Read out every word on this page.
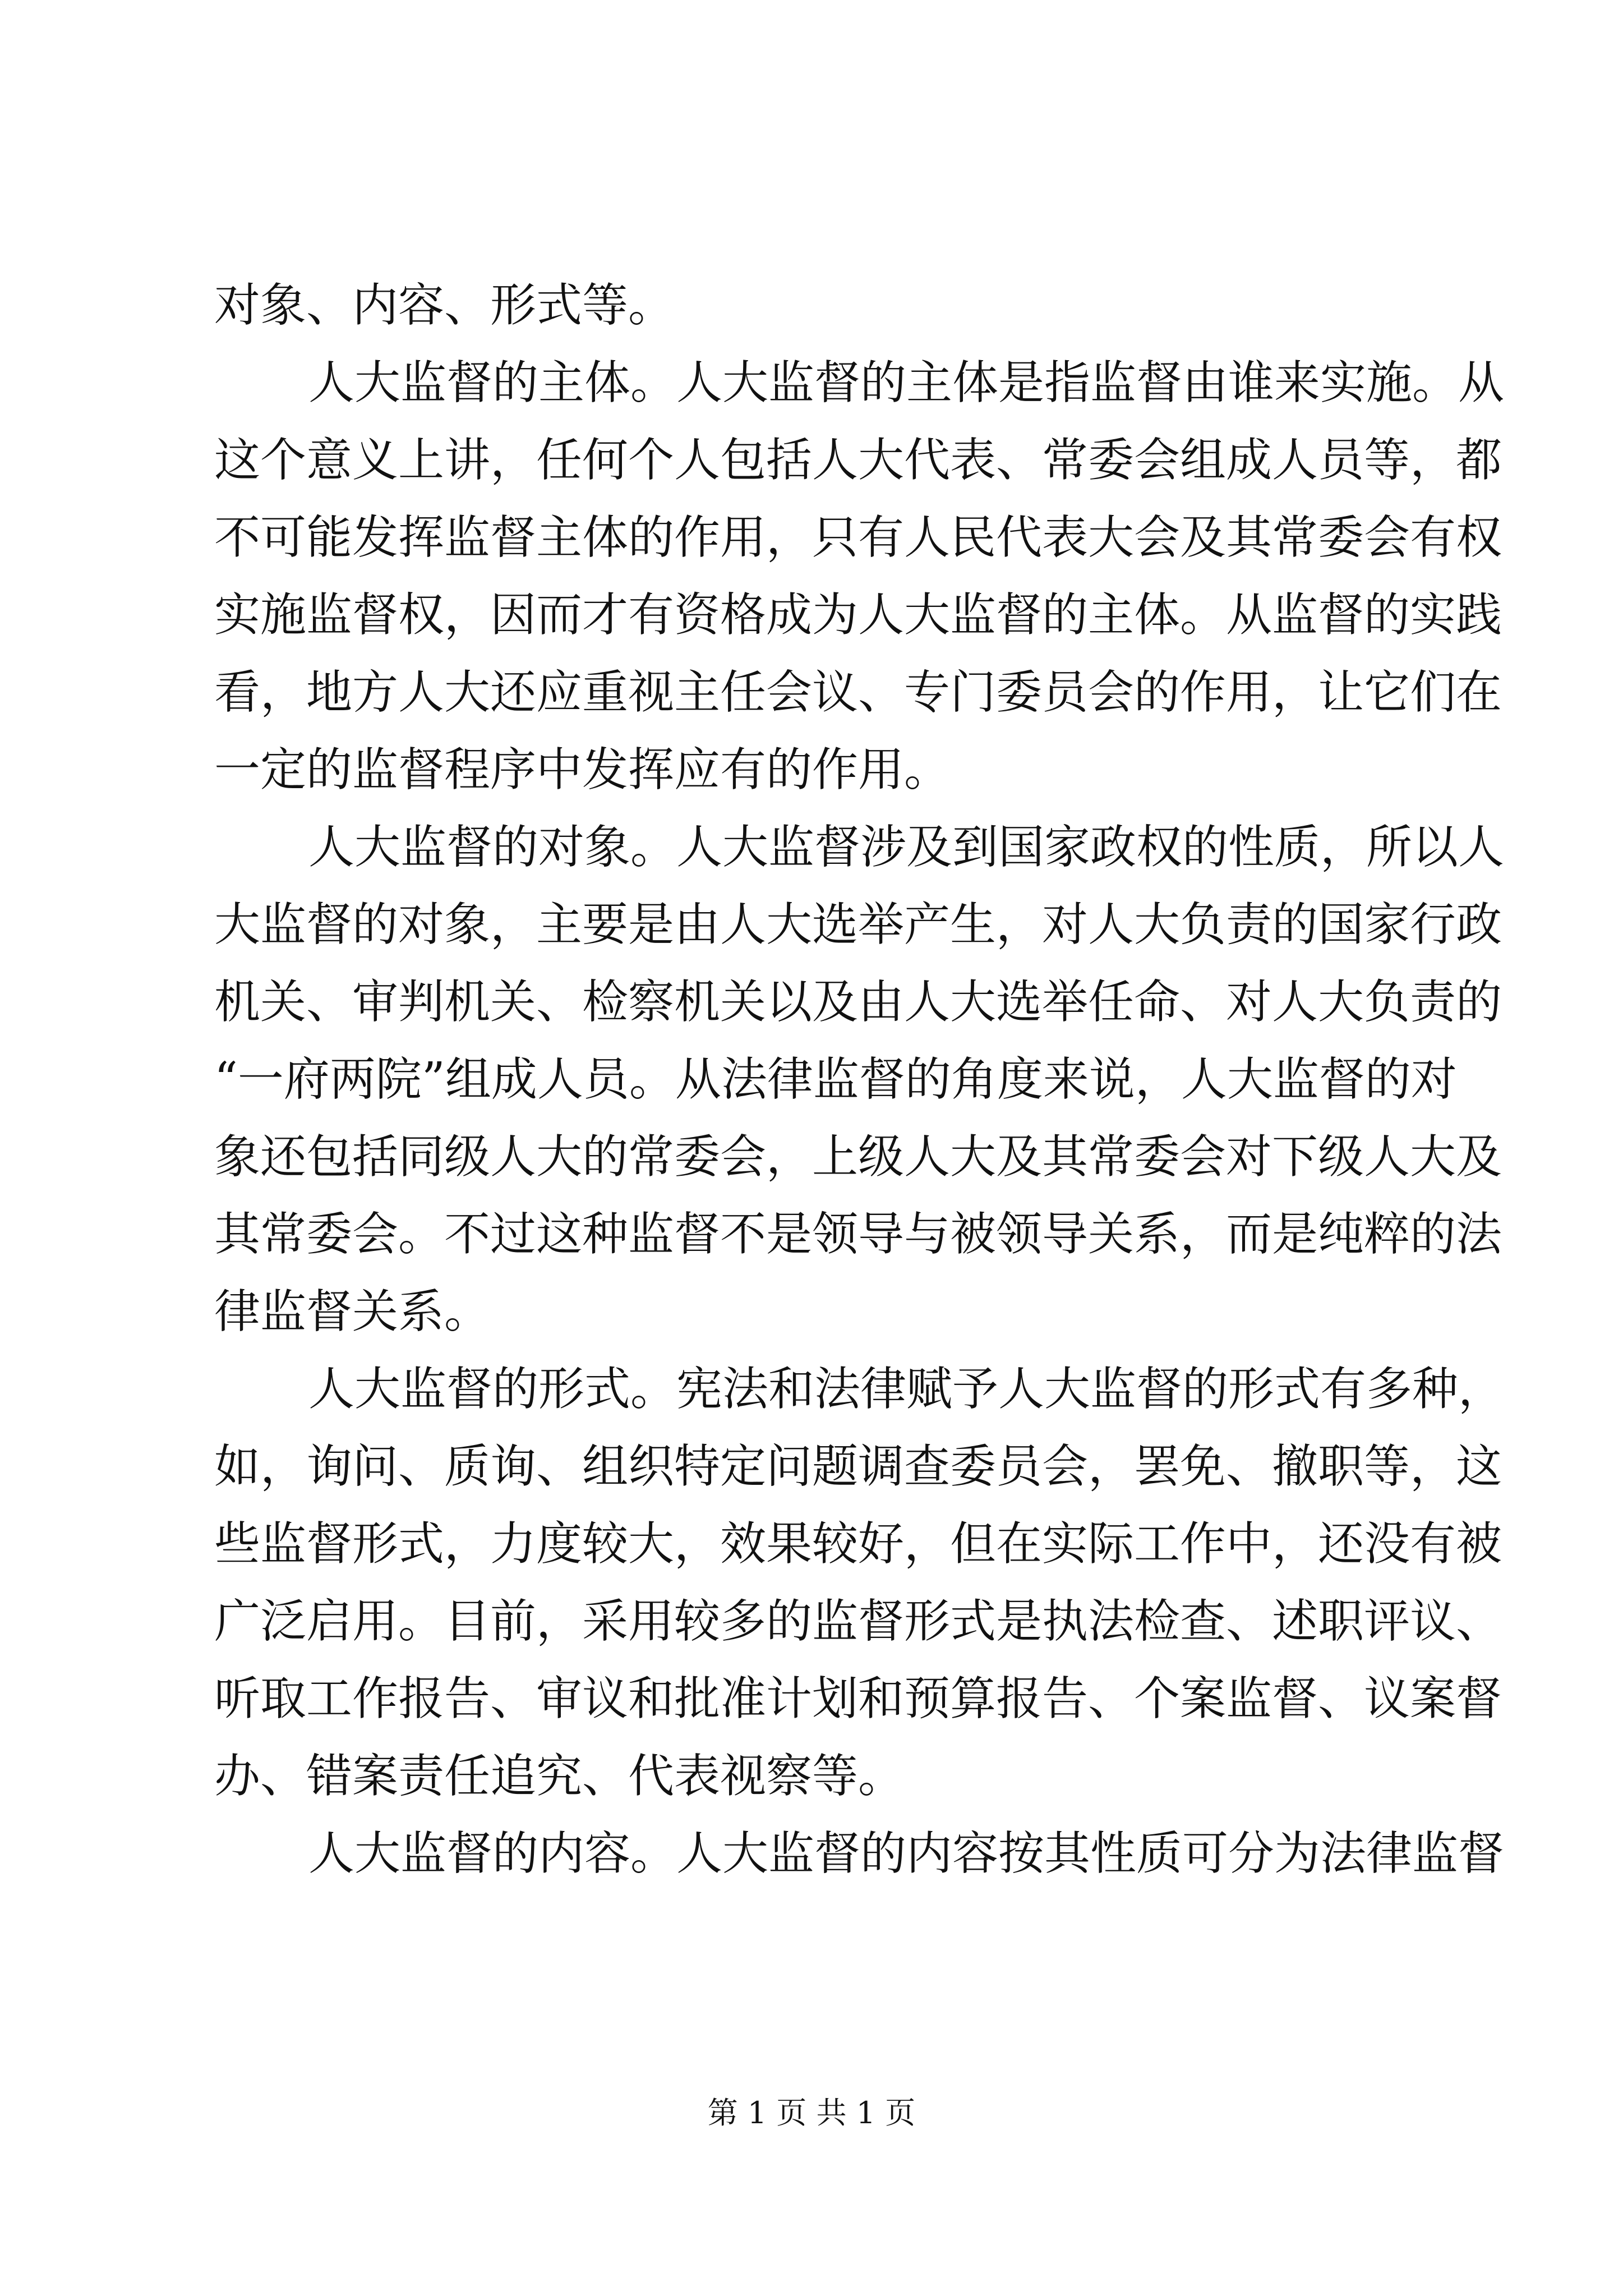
对象、内容、形式等。
人大监督的主体。人大监督的主体是指监督由谁来实施。从
这个意义上讲，任何个人包括人大代表、常委会组成人员等，都
不可能发挥监督主体的作用，只有人民代表大会及其常委会有权
实施监督权，因而才有资格成为人大监督的主体。从监督的实践
看，地方人大还应重视主任会议、专门委员会的作用，让它们在
一定的监督程序中发挥应有的作用。
人大监督的对象。人大监督涉及到国家政权的性质，所以人
大监督的对象，主要是由人大选举产生，对人大负责的国家行政
机关、审判机关、检察机关以及由人大选举任命、对人大负责的
“一府两院”组成人员。从法律监督的角度来说，人大监督的对
象还包括同级人大的常委会，上级人大及其常委会对下级人大及
其常委会。不过这种监督不是领导与被领导关系，而是纯粹的法
律监督关系。
人大监督的形式。宪法和法律赋予人大监督的形式有多种，
如，询问、质询、组织特定问题调查委员会，罢免、撤职等，这
些监督形式，力度较大，效果较好，但在实际工作中，还没有被
广泛启用。目前，采用较多的监督形式是执法检查、述职评议、
听取工作报告、审议和批准计划和预算报告、个案监督、议案督
办、错案责任追究、代表视察等。
人大监督的内容。人大监督的内容按其性质可分为法律监督
第 1 页 共 1 页
